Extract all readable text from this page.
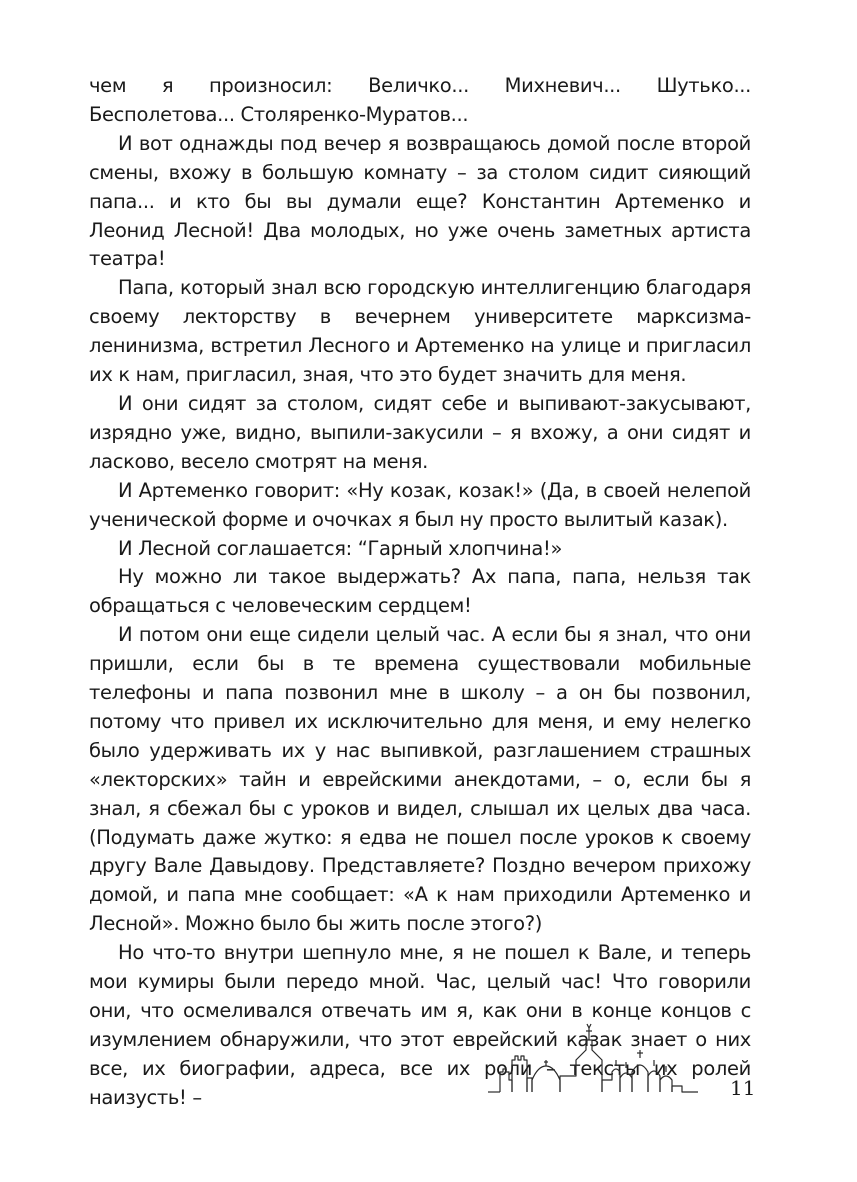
чем я произносил: Величко... Михневич... Шутько... Бесполетова... Столяренко-Муратов...

И вот однажды под вечер я возвращаюсь домой после второй смены, вхожу в большую комнату – за столом сидит сияющий папа... и кто бы вы думали еще? Константин Артеменко и Леонид Лесной! Два молодых, но уже очень заметных артиста театра!

Папа, который знал всю городскую интеллигенцию благодаря своему лекторству в вечернем университете марксизма-ленинизма, встретил Лесного и Артеменко на улице и пригласил их к нам, пригласил, зная, что это будет значить для меня.

И они сидят за столом, сидят себе и выпивают-закусывают, изрядно уже, видно, выпили-закусили – я вхожу, а они сидят и ласково, весело смотрят на меня.

И Артеменко говорит: «Ну козак, козак!» (Да, в своей нелепой ученической форме и очочках я был ну просто вылитый казак).

И Лесной соглашается: “Гарный хлопчина!»

Ну можно ли такое выдержать? Ах папа, папа, нельзя так обращаться с человеческим сердцем!

И потом они еще сидели целый час. А если бы я знал, что они пришли, если бы в те времена существовали мобильные телефоны и папа позвонил мне в школу – а он бы позвонил, потому что привел их исключительно для меня, и ему нелегко было удерживать их у нас выпивкой, разглашением страшных «лекторских» тайн и еврейскими анекдотами, – о, если бы я знал, я сбежал бы с уроков и видел, слышал их целых два часа. (Подумать даже жутко: я едва не пошел после уроков к своему другу Вале Давыдову. Представляете? Поздно вечером прихожу домой, и папа мне сообщает: «А к нам приходили Артеменко и Лесной». Можно было бы жить после этого?)

Но что-то внутри шепнуло мне, я не пошел к Вале, и теперь мои кумиры были передо мной. Час, целый час! Что говорили они, что осмеливался отвечать им я, как они в конце концов с изумлением обнаружили, что этот еврейский казак знает о них все, их биографии, адреса, все их роли – тексты их ролей наизусть! –	11
